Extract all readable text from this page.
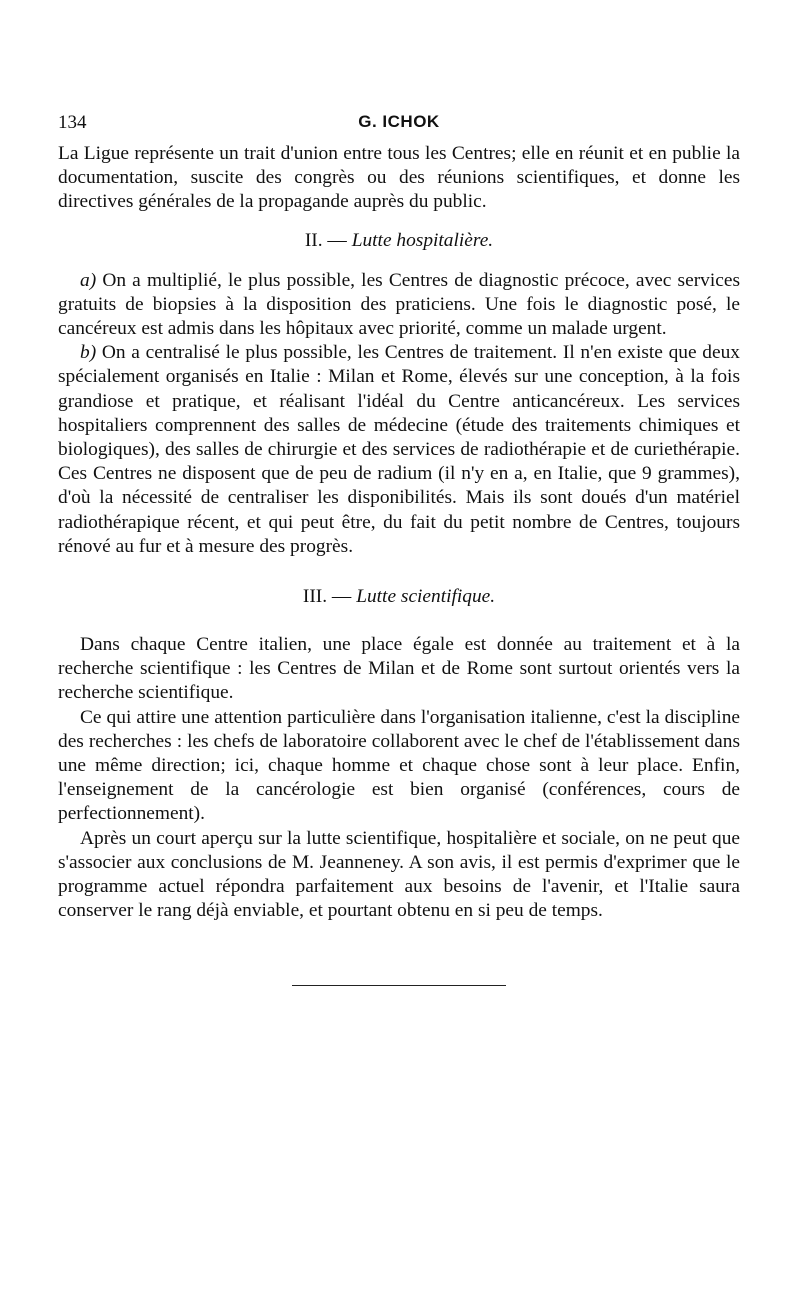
134	G. ICHOK

La Ligue représente un trait d'union entre tous les Centres; elle en réunit et en publie la documentation, suscite des congrès ou des réunions scientifiques, et donne les directives générales de la propagande auprès du public.

II. — Lutte hospitalière.

a) On a multiplié, le plus possible, les Centres de diagnostic précoce, avec services gratuits de biopsies à la disposition des praticiens. Une fois le diagnostic posé, le cancéreux est admis dans les hôpitaux avec priorité, comme un malade urgent.

b) On a centralisé le plus possible, les Centres de traitement. Il n'en existe que deux spécialement organisés en Italie : Milan et Rome, élevés sur une conception, à la fois grandiose et pratique, et réalisant l'idéal du Centre anticancéreux. Les services hospitaliers comprennent des salles de médecine (étude des traitements chimiques et biologiques), des salles de chirurgie et des services de radiothérapie et de curiethérapie. Ces Centres ne disposent que de peu de radium (il n'y en a, en Italie, que 9 grammes), d'où la nécessité de centraliser les disponibilités. Mais ils sont doués d'un matériel radiothérapique récent, et qui peut être, du fait du petit nombre de Centres, toujours rénové au fur et à mesure des progrès.

III. — Lutte scientifique.

Dans chaque Centre italien, une place égale est donnée au traitement et à la recherche scientifique : les Centres de Milan et de Rome sont surtout orientés vers la recherche scientifique.

Ce qui attire une attention particulière dans l'organisation italienne, c'est la discipline des recherches : les chefs de laboratoire collaborent avec le chef de l'établissement dans une même direction; ici, chaque homme et chaque chose sont à leur place. Enfin, l'enseignement de la cancérologie est bien organisé (conférences, cours de perfectionnement).

Après un court aperçu sur la lutte scientifique, hospitalière et sociale, on ne peut que s'associer aux conclusions de M. Jeanneney. A son avis, il est permis d'exprimer que le programme actuel répondra parfaitement aux besoins de l'avenir, et l'Italie saura conserver le rang déjà enviable, et pourtant obtenu en si peu de temps.
